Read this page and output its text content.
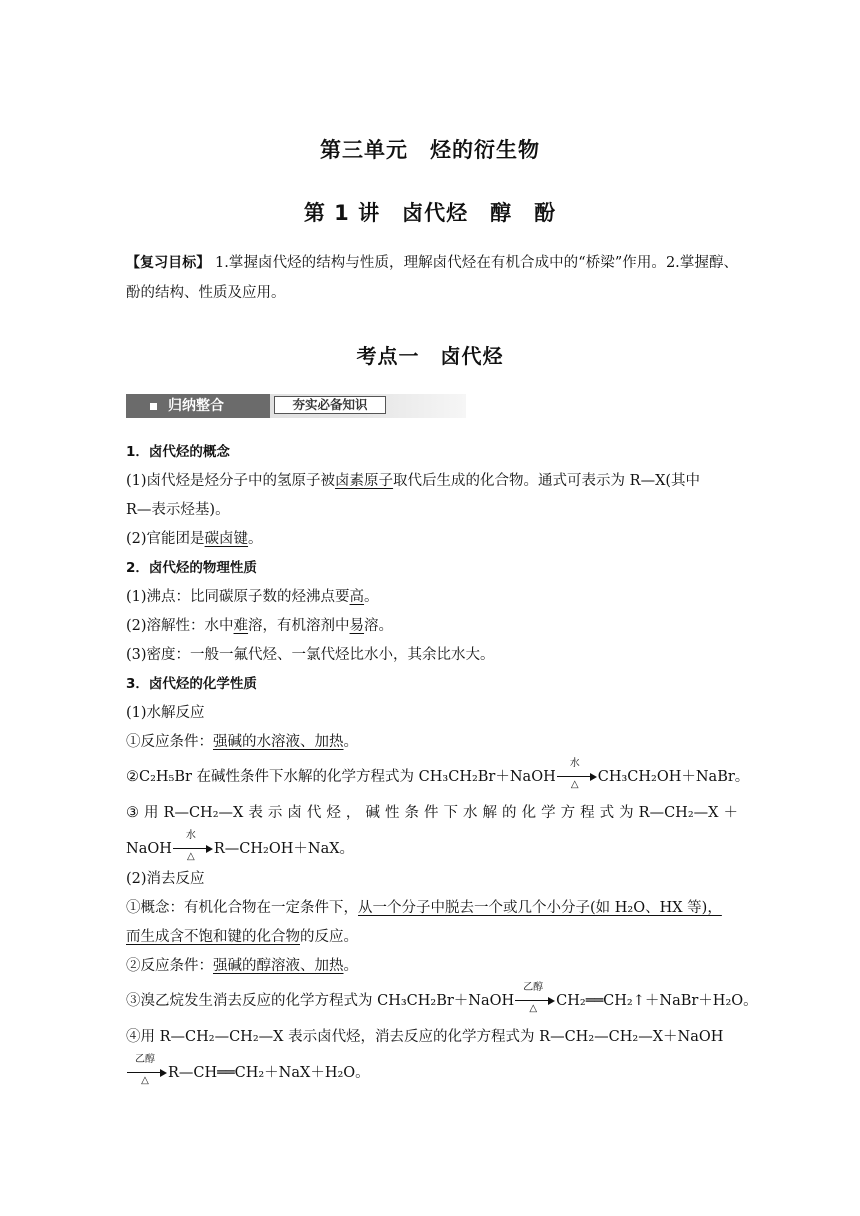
第三单元　烃的衍生物
第 1 讲　卤代烃　醇　酚
【复习目标】 1.掌握卤代烃的结构与性质，理解卤代烃在有机合成中的“桥梁”作用。2.掌握醇、酚的结构、性质及应用。
考点一　卤代烃
归纳整合	夯实必备知识
1．卤代烃的概念
(1)卤代烃是烃分子中的氢原子被卤素原子取代后生成的化合物。通式可表示为 R—X(其中
R—表示烃基)。
(2)官能团是碳卤键。
2．卤代烃的物理性质
(1)沸点：比同碳原子数的烃沸点要高。
(2)溶解性：水中难溶，有机溶剂中易溶。
(3)密度：一般一氟代烃、一氯代烃比水小，其余比水大。
3．卤代烃的化学性质
(1)水解反应
①反应条件：强碱的水溶液、加热。
②C₂H₅Br 在碱性条件下水解的化学方程式为 CH₃CH₂Br＋NaOH
水
△	CH₃CH₂OH＋NaBr。
③ 用 R—CH₂—X 表 示 卤 代 烃 ， 碱 性 条 件 下 水 解 的 化 学 方 程 式 为 R—CH₂—X ＋
NaOH
水
△	R—CH₂OH＋NaX。
(2)消去反应
①概念：有机化合物在一定条件下，从一个分子中脱去一个或几个小分子(如 H₂O、HX 等)，
而生成含不饱和键的化合物的反应。
②反应条件：强碱的醇溶液、加热。
③溴乙烷发生消去反应的化学方程式为 CH₃CH₂Br＋NaOH
乙醇
△	CH₂══CH₂↑＋NaBr＋H₂O。
④用 R—CH₂—CH₂—X 表示卤代烃，消去反应的化学方程式为 R—CH₂—CH₂—X＋NaOH
乙醇
△	R—CH══CH₂＋NaX＋H₂O。
